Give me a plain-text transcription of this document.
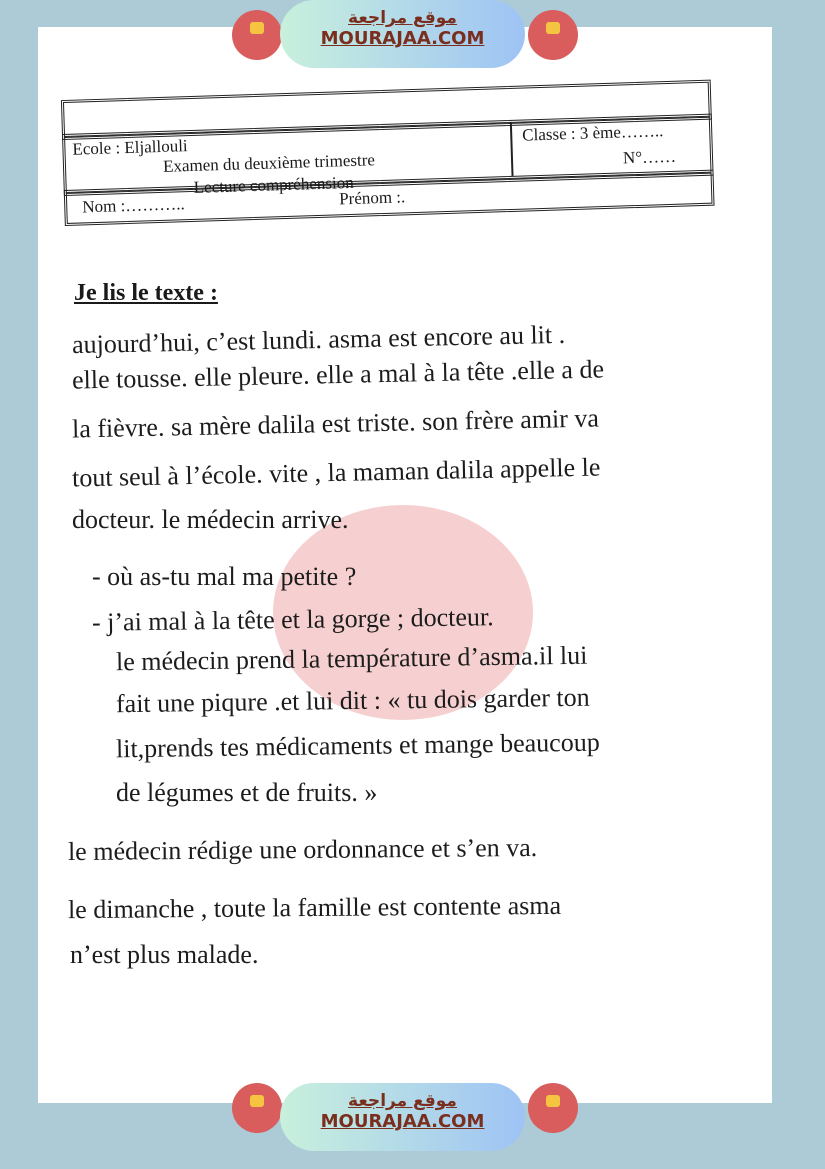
موقع مراجعة
MOURAJAA.COM
Ecole : Eljallouli
Examen du deuxième trimestre
Lecture compréhension
Classe : 3 ème……..
N°……
Nom :………..	Prénom :.
Je lis le texte :
aujourd’hui, c’est lundi. asma est encore au lit .
elle tousse. elle pleure. elle a mal à la tête .elle a de
la fièvre. sa mère dalila est triste. son frère amir va
tout seul à l’école. vite , la maman dalila appelle le
docteur. le médecin arrive.
- où as-tu mal ma petite ?
- j’ai mal à la tête et la gorge ; docteur.
le médecin prend la température d’asma.il lui
fait une piqure .et lui dit : « tu dois garder ton
lit,prends tes médicaments et mange beaucoup
de légumes et de fruits. »
le médecin rédige une ordonnance et s’en va.
le dimanche , toute la famille est contente asma
n’est plus malade.
موقع مراجعة
MOURAJAA.COM
